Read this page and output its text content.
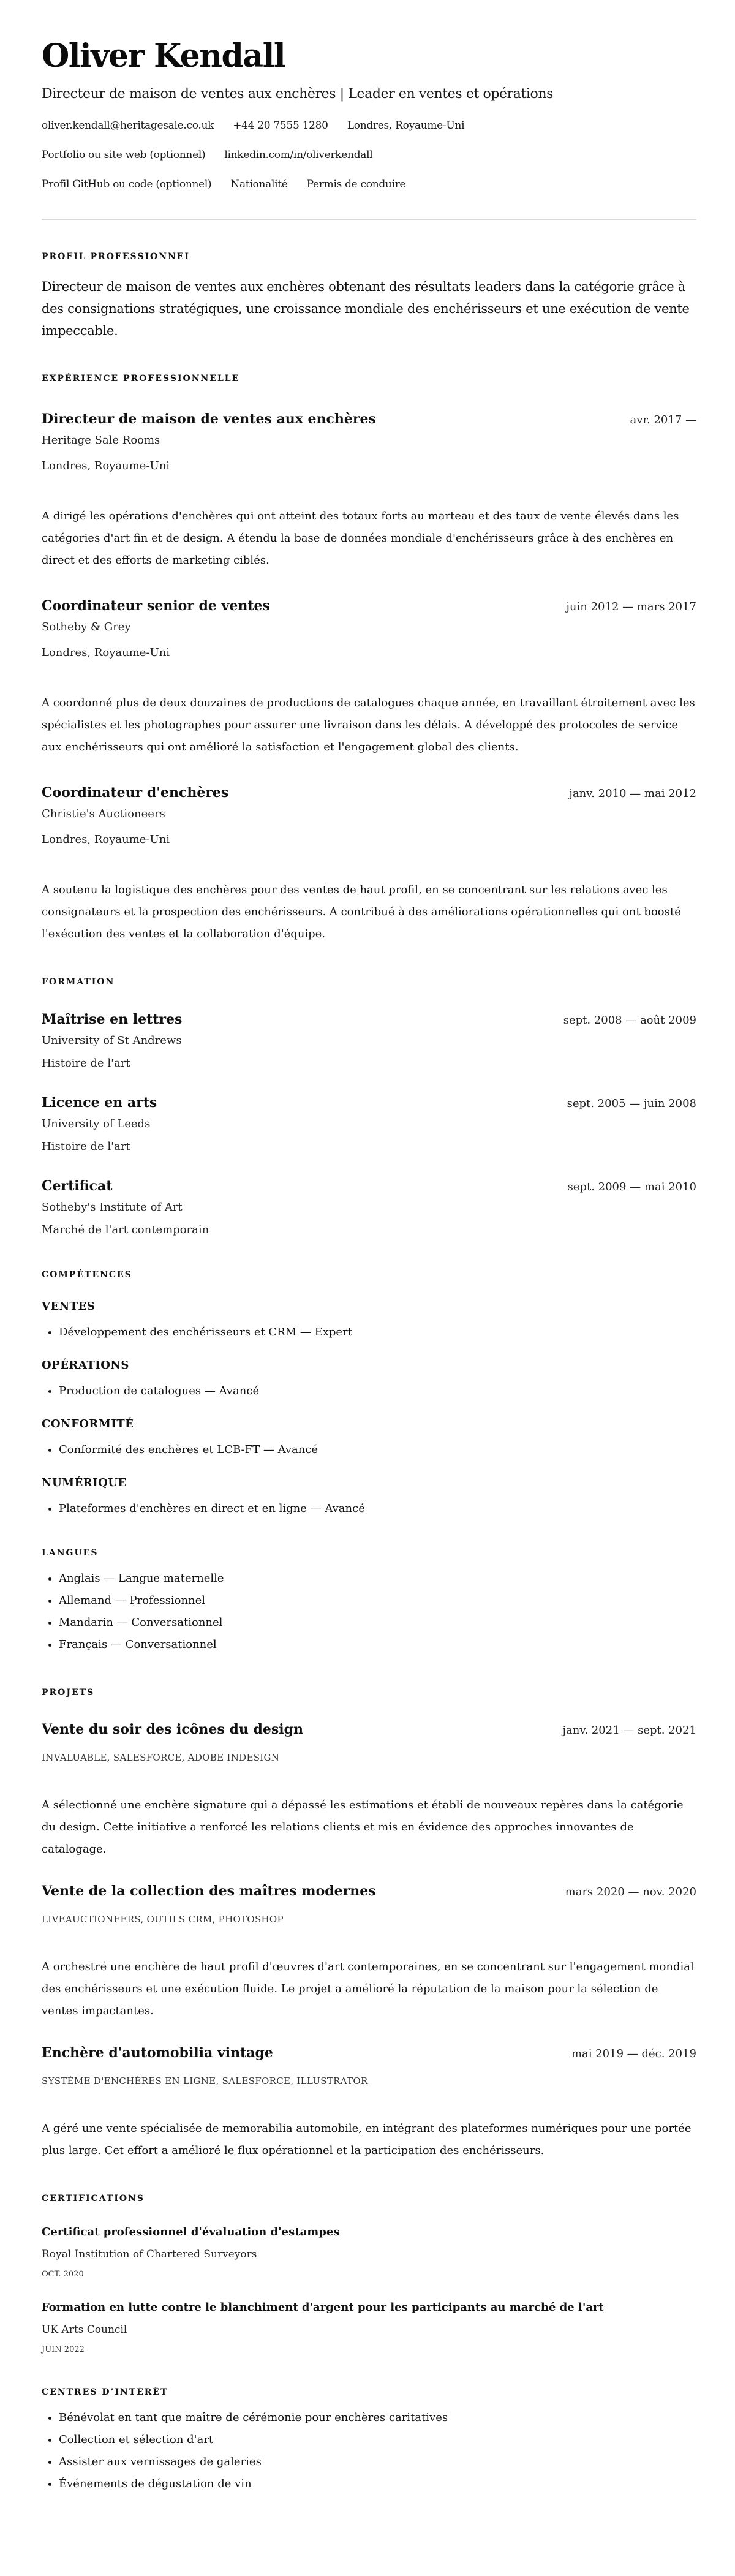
Oliver Kendall
Directeur de maison de ventes aux enchères | Leader en ventes et opérations
oliver.kendall@heritagesale.co.uk +44 20 7555 1280 Londres, Royaume-Uni
Portfolio ou site web (optionnel) linkedin.com/in/oliverkendall
Profil GitHub ou code (optionnel) Nationalité Permis de conduire
PROFIL PROFESSIONNEL
Directeur de maison de ventes aux enchères obtenant des résultats leaders dans la catégorie grâce à des consignations stratégiques, une croissance mondiale des enchérisseurs et une exécution de vente impeccable.
EXPÉRIENCE PROFESSIONNELLE
Directeur de maison de ventes aux enchères	avr. 2017 —
Heritage Sale Rooms
Londres, Royaume-Uni
A dirigé les opérations d'enchères qui ont atteint des totaux forts au marteau et des taux de vente élevés dans les catégories d'art fin et de design. A étendu la base de données mondiale d'enchérisseurs grâce à des enchères en direct et des efforts de marketing ciblés.
Coordinateur senior de ventes	juin 2012 — mars 2017
Sotheby & Grey
Londres, Royaume-Uni
A coordonné plus de deux douzaines de productions de catalogues chaque année, en travaillant étroitement avec les spécialistes et les photographes pour assurer une livraison dans les délais. A développé des protocoles de service aux enchérisseurs qui ont amélioré la satisfaction et l'engagement global des clients.
Coordinateur d'enchères	janv. 2010 — mai 2012
Christie's Auctioneers
Londres, Royaume-Uni
A soutenu la logistique des enchères pour des ventes de haut profil, en se concentrant sur les relations avec les consignateurs et la prospection des enchérisseurs. A contribué à des améliorations opérationnelles qui ont boosté l'exécution des ventes et la collaboration d'équipe.
FORMATION
Maîtrise en lettres	sept. 2008 — août 2009
University of St Andrews
Histoire de l'art
Licence en arts	sept. 2005 — juin 2008
University of Leeds
Histoire de l'art
Certificat	sept. 2009 — mai 2010
Sotheby's Institute of Art
Marché de l'art contemporain
COMPÉTENCES
VENTES
• Développement des enchérisseurs et CRM — Expert
OPÉRATIONS
• Production de catalogues — Avancé
CONFORMITÉ
• Conformité des enchères et LCB-FT — Avancé
NUMÉRIQUE
• Plateformes d'enchères en direct et en ligne — Avancé
LANGUES
• Anglais — Langue maternelle
• Allemand — Professionnel
• Mandarin — Conversationnel
• Français — Conversationnel
PROJETS
Vente du soir des icônes du design	janv. 2021 — sept. 2021
INVALUABLE, SALESFORCE, ADOBE INDESIGN
A sélectionné une enchère signature qui a dépassé les estimations et établi de nouveaux repères dans la catégorie du design. Cette initiative a renforcé les relations clients et mis en évidence des approches innovantes de catalogage.
Vente de la collection des maîtres modernes	mars 2020 — nov. 2020
LIVEAUCTIONEERS, OUTILS CRM, PHOTOSHOP
A orchestré une enchère de haut profil d'œuvres d'art contemporaines, en se concentrant sur l'engagement mondial des enchérisseurs et une exécution fluide. Le projet a amélioré la réputation de la maison pour la sélection de ventes impactantes.
Enchère d'automobilia vintage	mai 2019 — déc. 2019
SYSTÈME D'ENCHÈRES EN LIGNE, SALESFORCE, ILLUSTRATOR
A géré une vente spécialisée de memorabilia automobile, en intégrant des plateformes numériques pour une portée plus large. Cet effort a amélioré le flux opérationnel et la participation des enchérisseurs.
CERTIFICATIONS
Certificat professionnel d'évaluation d'estampes
Royal Institution of Chartered Surveyors
OCT. 2020
Formation en lutte contre le blanchiment d'argent pour les participants au marché de l'art
UK Arts Council
JUIN 2022
CENTRES D’INTÉRÊT
• Bénévolat en tant que maître de cérémonie pour enchères caritatives
• Collection et sélection d'art
• Assister aux vernissages de galeries
• Événements de dégustation de vin
